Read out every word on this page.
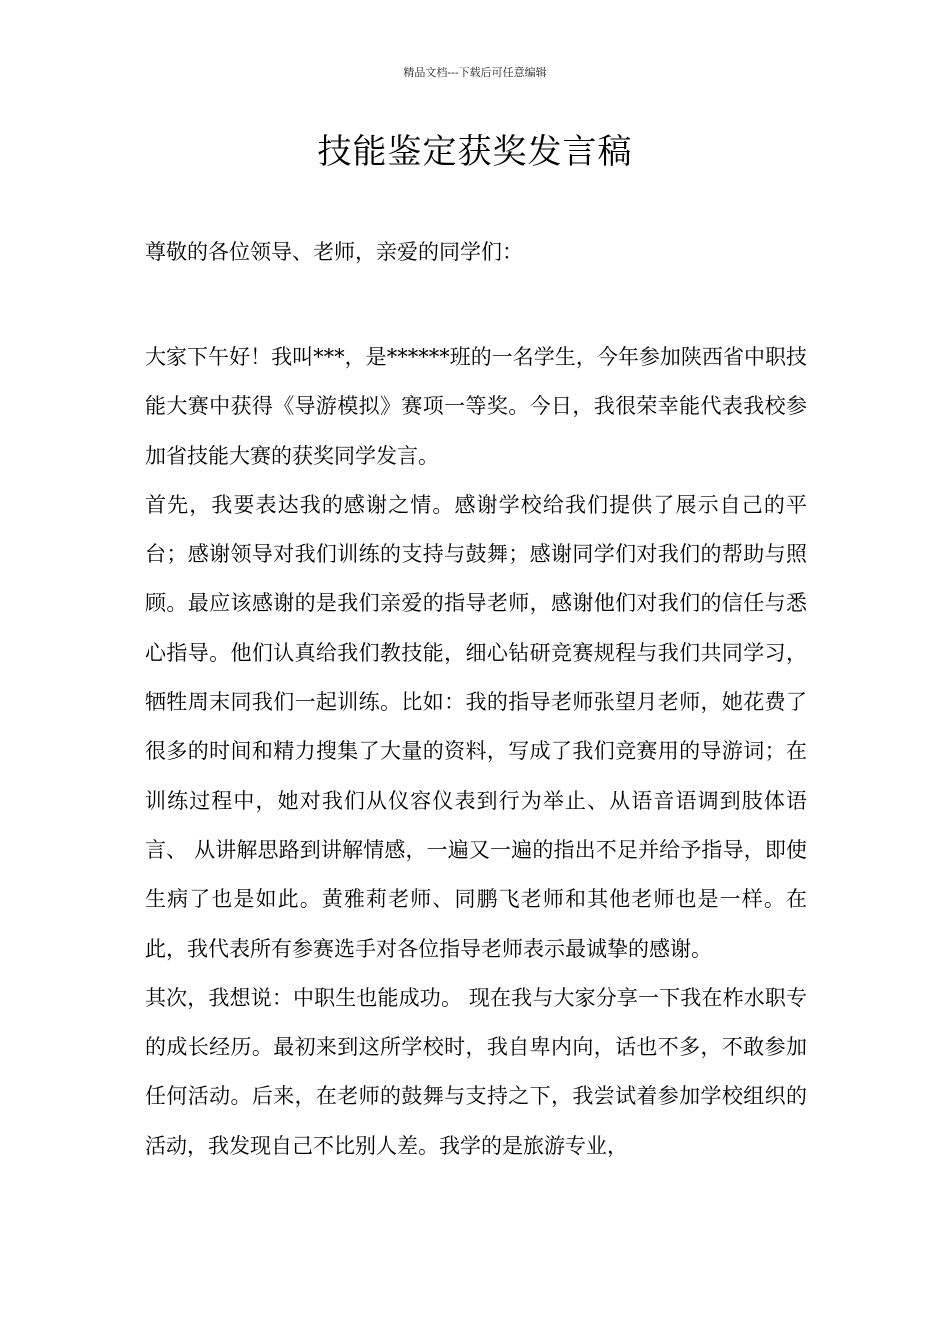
精品文档---下载后可任意编辑
技能鉴定获奖发言稿
尊敬的各位领导、老师，亲爱的同学们：

大家下午好！我叫***，是******班的一名学生，今年参加陕西省中职技能大赛中获得《导游模拟》赛项一等奖。今日，我很荣幸能代表我校参加省技能大赛的获奖同学发言。

首先，我要表达我的感谢之情。感谢学校给我们提供了展示自己的平台；感谢领导对我们训练的支持与鼓舞；感谢同学们对我们的帮助与照顾。最应该感谢的是我们亲爱的指导老师，感谢他们对我们的信任与悉心指导。他们认真给我们教技能，细心钻研竞赛规程与我们共同学习，牺牲周末同我们一起训练。比如：我的指导老师张望月老师，她花费了很多的时间和精力搜集了大量的资料，写成了我们竞赛用的导游词；在训练过程中，她对我们从仪容仪表到行为举止、从语音语调到肢体语言、 从讲解思路到讲解情感，一遍又一遍的指出不足并给予指导，即使生病了也是如此。黄雅莉老师、同鹏飞老师和其他老师也是一样。在此，我代表所有参赛选手对各位指导老师表示最诚挚的感谢。

其次，我想说：中职生也能成功。 现在我与大家分享一下我在柞水职专的成长经历。最初来到这所学校时，我自卑内向，话也不多，不敢参加任何活动。后来，在老师的鼓舞与支持之下，我尝试着参加学校组织的活动，我发现自己不比别人差。我学的是旅游专业，
